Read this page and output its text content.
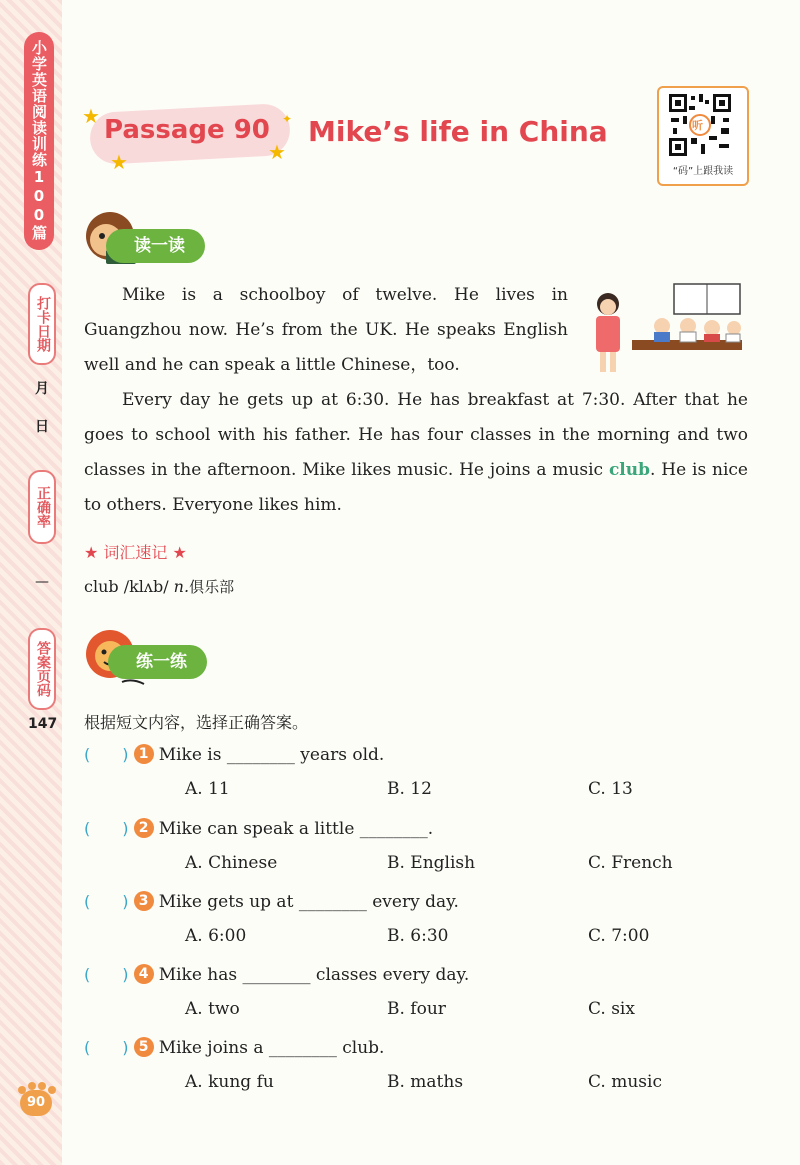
小学英语阅读训练100篇
打卡日期
月
日
正确率
—
答案页码
147
90
★
★	★
✦
Passage 90 Mike’s life in China	听
“码”上跟我读
读一读
Mike is a schoolboy of twelve. He lives in Guangzhou now. He’s from the UK. He speaks English well and he can speak a little Chinese，too.
Every day he gets up at 6:30. He has breakfast at 7:30. After that he goes to school with his father. He has four classes in the morning and two classes in the afternoon. Mike likes music. He joins a music club. He is nice to others. Everyone likes him.
★ 词汇速记 ★
club /klʌb/ n.俱乐部
练一练
根据短文内容，选择正确答案。
(　　) 1 Mike is ________ years old.
A. 11	B. 12	C. 13
(　　) 2 Mike can speak a little ________.
A. Chinese	B. English	C. French
(　　) 3 Mike gets up at ________ every day.
A. 6:00	B. 6:30	C. 7:00
(　　) 4 Mike has ________ classes every day.
A. two	B. four	C. six
(　　) 5 Mike joins a ________ club.
A. kung fu	B. maths	C. music
